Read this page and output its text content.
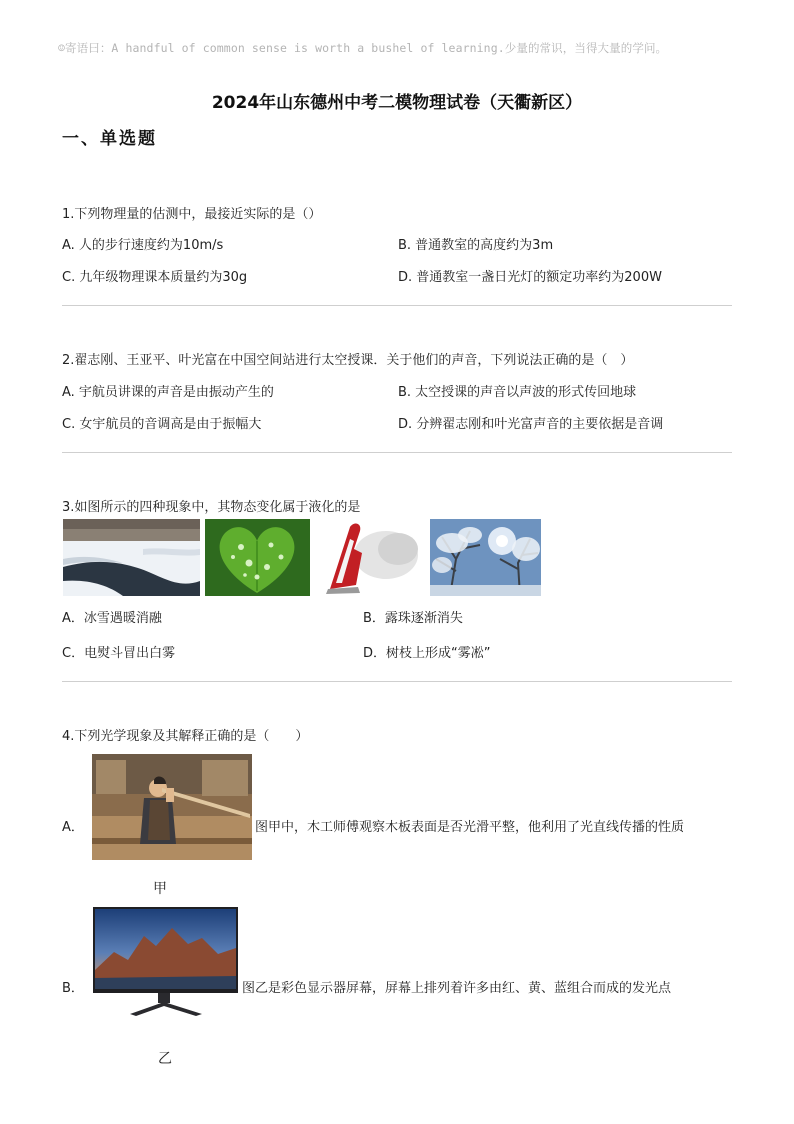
☺寄语曰：A handful of common sense is worth a bushel of learning.少量的常识，当得大量的学问。
2024年山东德州中考二模物理试卷（天衢新区）
一、单选题
1.下列物理量的估测中，最接近实际的是（）
A. 人的步行速度约为10m/s	B. 普通教室的高度约为3m
C. 九年级物理课本质量约为30g	D. 普通教室一盏日光灯的额定功率约为200W
2.翟志刚、王亚平、叶光富在中国空间站进行太空授课．关于他们的声音，下列说法正确的是（　）
A. 宇航员讲课的声音是由振动产生的	B. 太空授课的声音以声波的形式传回地球
C. 女宇航员的音调高是由于振幅大	D. 分辨翟志刚和叶光富声音的主要依据是音调
3.如图所示的四种现象中，其物态变化属于液化的是
A．冰雪遇暖消融	B．露珠逐渐消失
C．电熨斗冒出白雾	D．树枝上形成“雾凇”
4.下列光学现象及其解释正确的是（　　）
A．	图甲中，木工师傅观察木板表面是否光滑平整，他利用了光直线传播的性质
甲
B．	图乙是彩色显示器屏幕，屏幕上排列着许多由红、黄、蓝组合而成的发光点
乙
